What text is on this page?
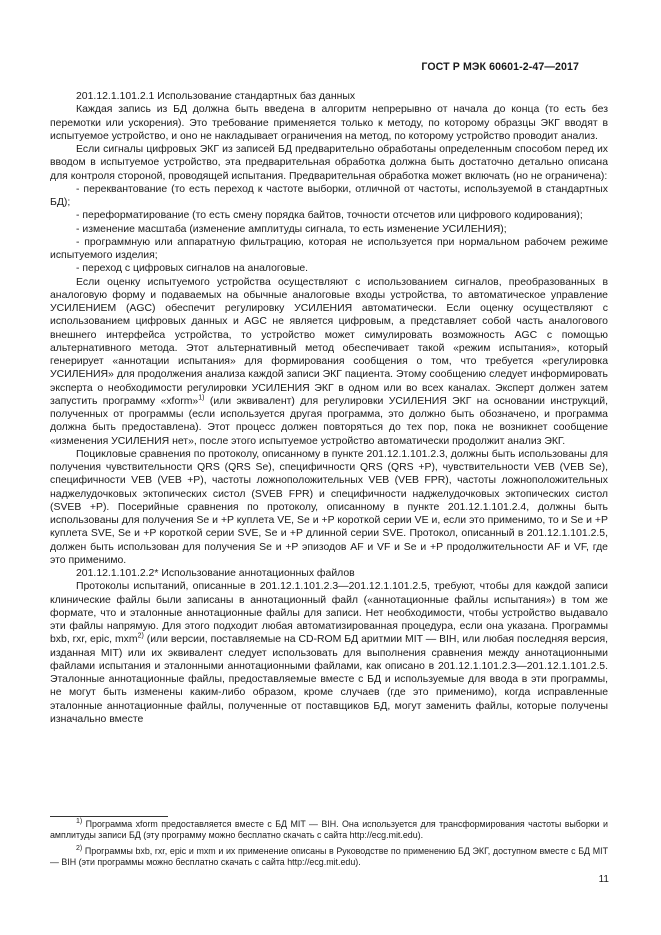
ГОСТ Р МЭК 60601-2-47—2017

201.12.1.101.2.1 Использование стандартных баз данных

Каждая запись из БД должна быть введена в алгоритм непрерывно от начала до конца (то есть без перемотки или ускорения). Это требование применяется только к методу, по которому образцы ЭКГ вводят в испытуемое устройство, и оно не накладывает ограничения на метод, по которому устройство проводит анализ.

Если сигналы цифровых ЭКГ из записей БД предварительно обработаны определенным способом перед их вводом в испытуемое устройство, эта предварительная обработка должна быть достаточно детально описана для контроля стороной, проводящей испытания. Предварительная обработка может включать (но не ограничена):

- переквантование (то есть переход к частоте выборки, отличной от частоты, используемой в стандартных БД);

- переформатирование (то есть смену порядка байтов, точности отсчетов или цифрового кодирования);

- изменение масштаба (изменение амплитуды сигнала, то есть изменение УСИЛЕНИЯ);

- программную или аппаратную фильтрацию, которая не используется при нормальном рабочем режиме испытуемого изделия;

- переход с цифровых сигналов на аналоговые.

Если оценку испытуемого устройства осуществляют с использованием сигналов, преобразованных в аналоговую форму и подаваемых на обычные аналоговые входы устройства, то автоматическое управление УСИЛЕНИЕМ (AGC) обеспечит регулировку УСИЛЕНИЯ автоматически. Если оценку осуществляют с использованием цифровых данных и AGC не является цифровым, а представляет собой часть аналогового внешнего интерфейса устройства, то устройство может симулировать возможность AGC с помощью альтернативного метода. Этот альтернативный метод обеспечивает такой «режим испытания», который генерирует «аннотации испытания» для формирования сообщения о том, что требуется «регулировка УСИЛЕНИЯ» для продолжения анализа каждой записи ЭКГ пациента. Этому сообщению следует информировать эксперта о необходимости регулировки УСИЛЕНИЯ ЭКГ в одном или во всех каналах. Эксперт должен затем запустить программу «xform»$^{1)}$ (или эквивалент) для регулировки УСИЛЕНИЯ ЭКГ на основании инструкций, полученных от программы (если используется другая программа, это должно быть обозначено, и программа должна быть предоставлена). Этот процесс должен повторяться до тех пор, пока не возникнет сообщение «изменения УСИЛЕНИЯ нет», после этого испытуемое устройство автоматически продолжит анализ ЭКГ.

Поцикловые сравнения по протоколу, описанному в пункте 201.12.1.101.2.3, должны быть использованы для получения чувствительности QRS (QRS Se), специфичности QRS (QRS +P), чувствительности VEB (VEB Se), специфичности VEB (VEB +P), частоты ложноположительных VEB (VEB FPR), частоты ложноположительных наджелудочковых эктопических систол (SVEB FPR) и специфичности наджелудочковых эктопических систол (SVEB +P). Посерийные сравнения по протоколу, описанному в пункте 201.12.1.101.2.4, должны быть использованы для получения Se и +P куплета VE, Se и +P короткой серии VE и, если это применимо, то и Se и +P куплета SVE, Se и +P короткой серии SVE, Se и +P длинной серии SVE. Протокол, описанный в 201.12.1.101.2.5, должен быть использован для получения Se и +P эпизодов AF и VF и Se и +P продолжительности AF и VF, где это применимо.

201.12.1.101.2.2* Использование аннотационных файлов

Протоколы испытаний, описанные в 201.12.1.101.2.3—201.12.1.101.2.5, требуют, чтобы для каждой записи клинические файлы были записаны в аннотационный файл («аннотационные файлы испытания») в том же формате, что и эталонные аннотационные файлы для записи. Нет необходимости, чтобы устройство выдавало эти файлы напрямую. Для этого подходит любая автоматизированная процедура, если она указана. Программы bxb, rxr, epic, mxm$^{2)}$ (или версии, поставляемые на CD-ROM БД аритмии MIT — BIH, или любая последняя версия, изданная MIT) или их эквивалент следует использовать для выполнения сравнения между аннотационными файлами испытания и эталонными аннотационными файлами, как описано в 201.12.1.101.2.3—201.12.1.101.2.5. Эталонные аннотационные файлы, предоставляемые вместе с БД и используемые для ввода в эти программы, не могут быть изменены каким-либо образом, кроме случаев (где это применимо), когда исправленные эталонные аннотационные файлы, полученные от поставщиков БД, могут заменить файлы, которые получены изначально вместе

$^{1)}$ Программа xform предоставляется вместе с БД MIT — BIH. Она используется для трансформирования частоты выборки и амплитуды записи БД (эту программу можно бесплатно скачать с сайта http://ecg.mit.edu).

$^{2)}$ Программы bxb, rxr, epic и mxm и их применение описаны в Руководстве по применению БД ЭКГ, доступном вместе с БД MIT — BIH (эти программы можно бесплатно скачать с сайта http://ecg.mit.edu).

11
